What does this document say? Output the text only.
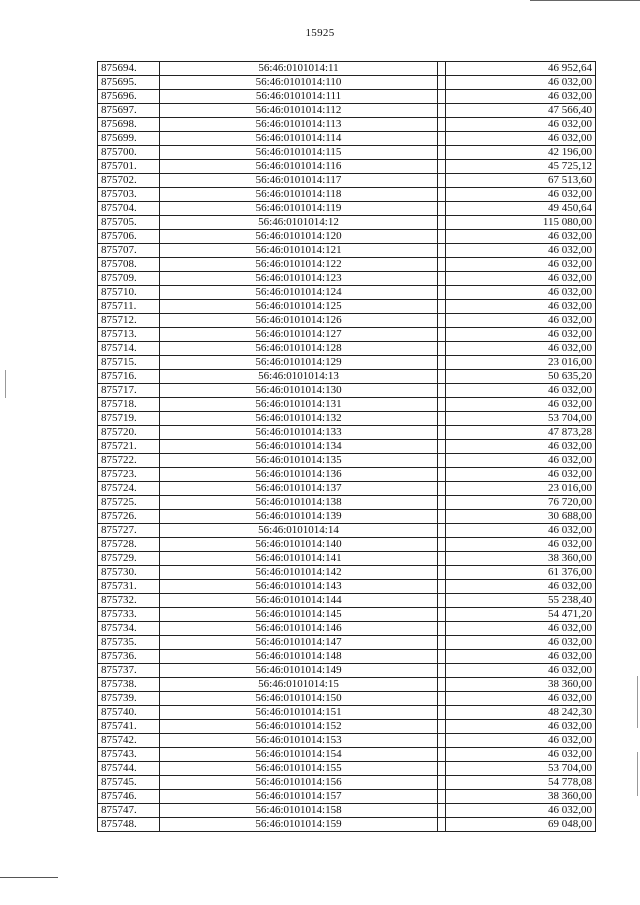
15925
875694.	56:46:0101014:11		46 952,64
875695.	56:46:0101014:110		46 032,00
875696.	56:46:0101014:111		46 032,00
875697.	56:46:0101014:112		47 566,40
875698.	56:46:0101014:113		46 032,00
875699.	56:46:0101014:114		46 032,00
875700.	56:46:0101014:115		42 196,00
875701.	56:46:0101014:116		45 725,12
875702.	56:46:0101014:117		67 513,60
875703.	56:46:0101014:118		46 032,00
875704.	56:46:0101014:119		49 450,64
875705.	56:46:0101014:12		115 080,00
875706.	56:46:0101014:120		46 032,00
875707.	56:46:0101014:121		46 032,00
875708.	56:46:0101014:122		46 032,00
875709.	56:46:0101014:123		46 032,00
875710.	56:46:0101014:124		46 032,00
875711.	56:46:0101014:125		46 032,00
875712.	56:46:0101014:126		46 032,00
875713.	56:46:0101014:127		46 032,00
875714.	56:46:0101014:128		46 032,00
875715.	56:46:0101014:129		23 016,00
875716.	56:46:0101014:13		50 635,20
875717.	56:46:0101014:130		46 032,00
875718.	56:46:0101014:131		46 032,00
875719.	56:46:0101014:132		53 704,00
875720.	56:46:0101014:133		47 873,28
875721.	56:46:0101014:134		46 032,00
875722.	56:46:0101014:135		46 032,00
875723.	56:46:0101014:136		46 032,00
875724.	56:46:0101014:137		23 016,00
875725.	56:46:0101014:138		76 720,00
875726.	56:46:0101014:139		30 688,00
875727.	56:46:0101014:14		46 032,00
875728.	56:46:0101014:140		46 032,00
875729.	56:46:0101014:141		38 360,00
875730.	56:46:0101014:142		61 376,00
875731.	56:46:0101014:143		46 032,00
875732.	56:46:0101014:144		55 238,40
875733.	56:46:0101014:145		54 471,20
875734.	56:46:0101014:146		46 032,00
875735.	56:46:0101014:147		46 032,00
875736.	56:46:0101014:148		46 032,00
875737.	56:46:0101014:149		46 032,00
875738.	56:46:0101014:15		38 360,00
875739.	56:46:0101014:150		46 032,00
875740.	56:46:0101014:151		48 242,30
875741.	56:46:0101014:152		46 032,00
875742.	56:46:0101014:153		46 032,00
875743.	56:46:0101014:154		46 032,00
875744.	56:46:0101014:155		53 704,00
875745.	56:46:0101014:156		54 778,08
875746.	56:46:0101014:157		38 360,00
875747.	56:46:0101014:158		46 032,00
875748.	56:46:0101014:159		69 048,00
